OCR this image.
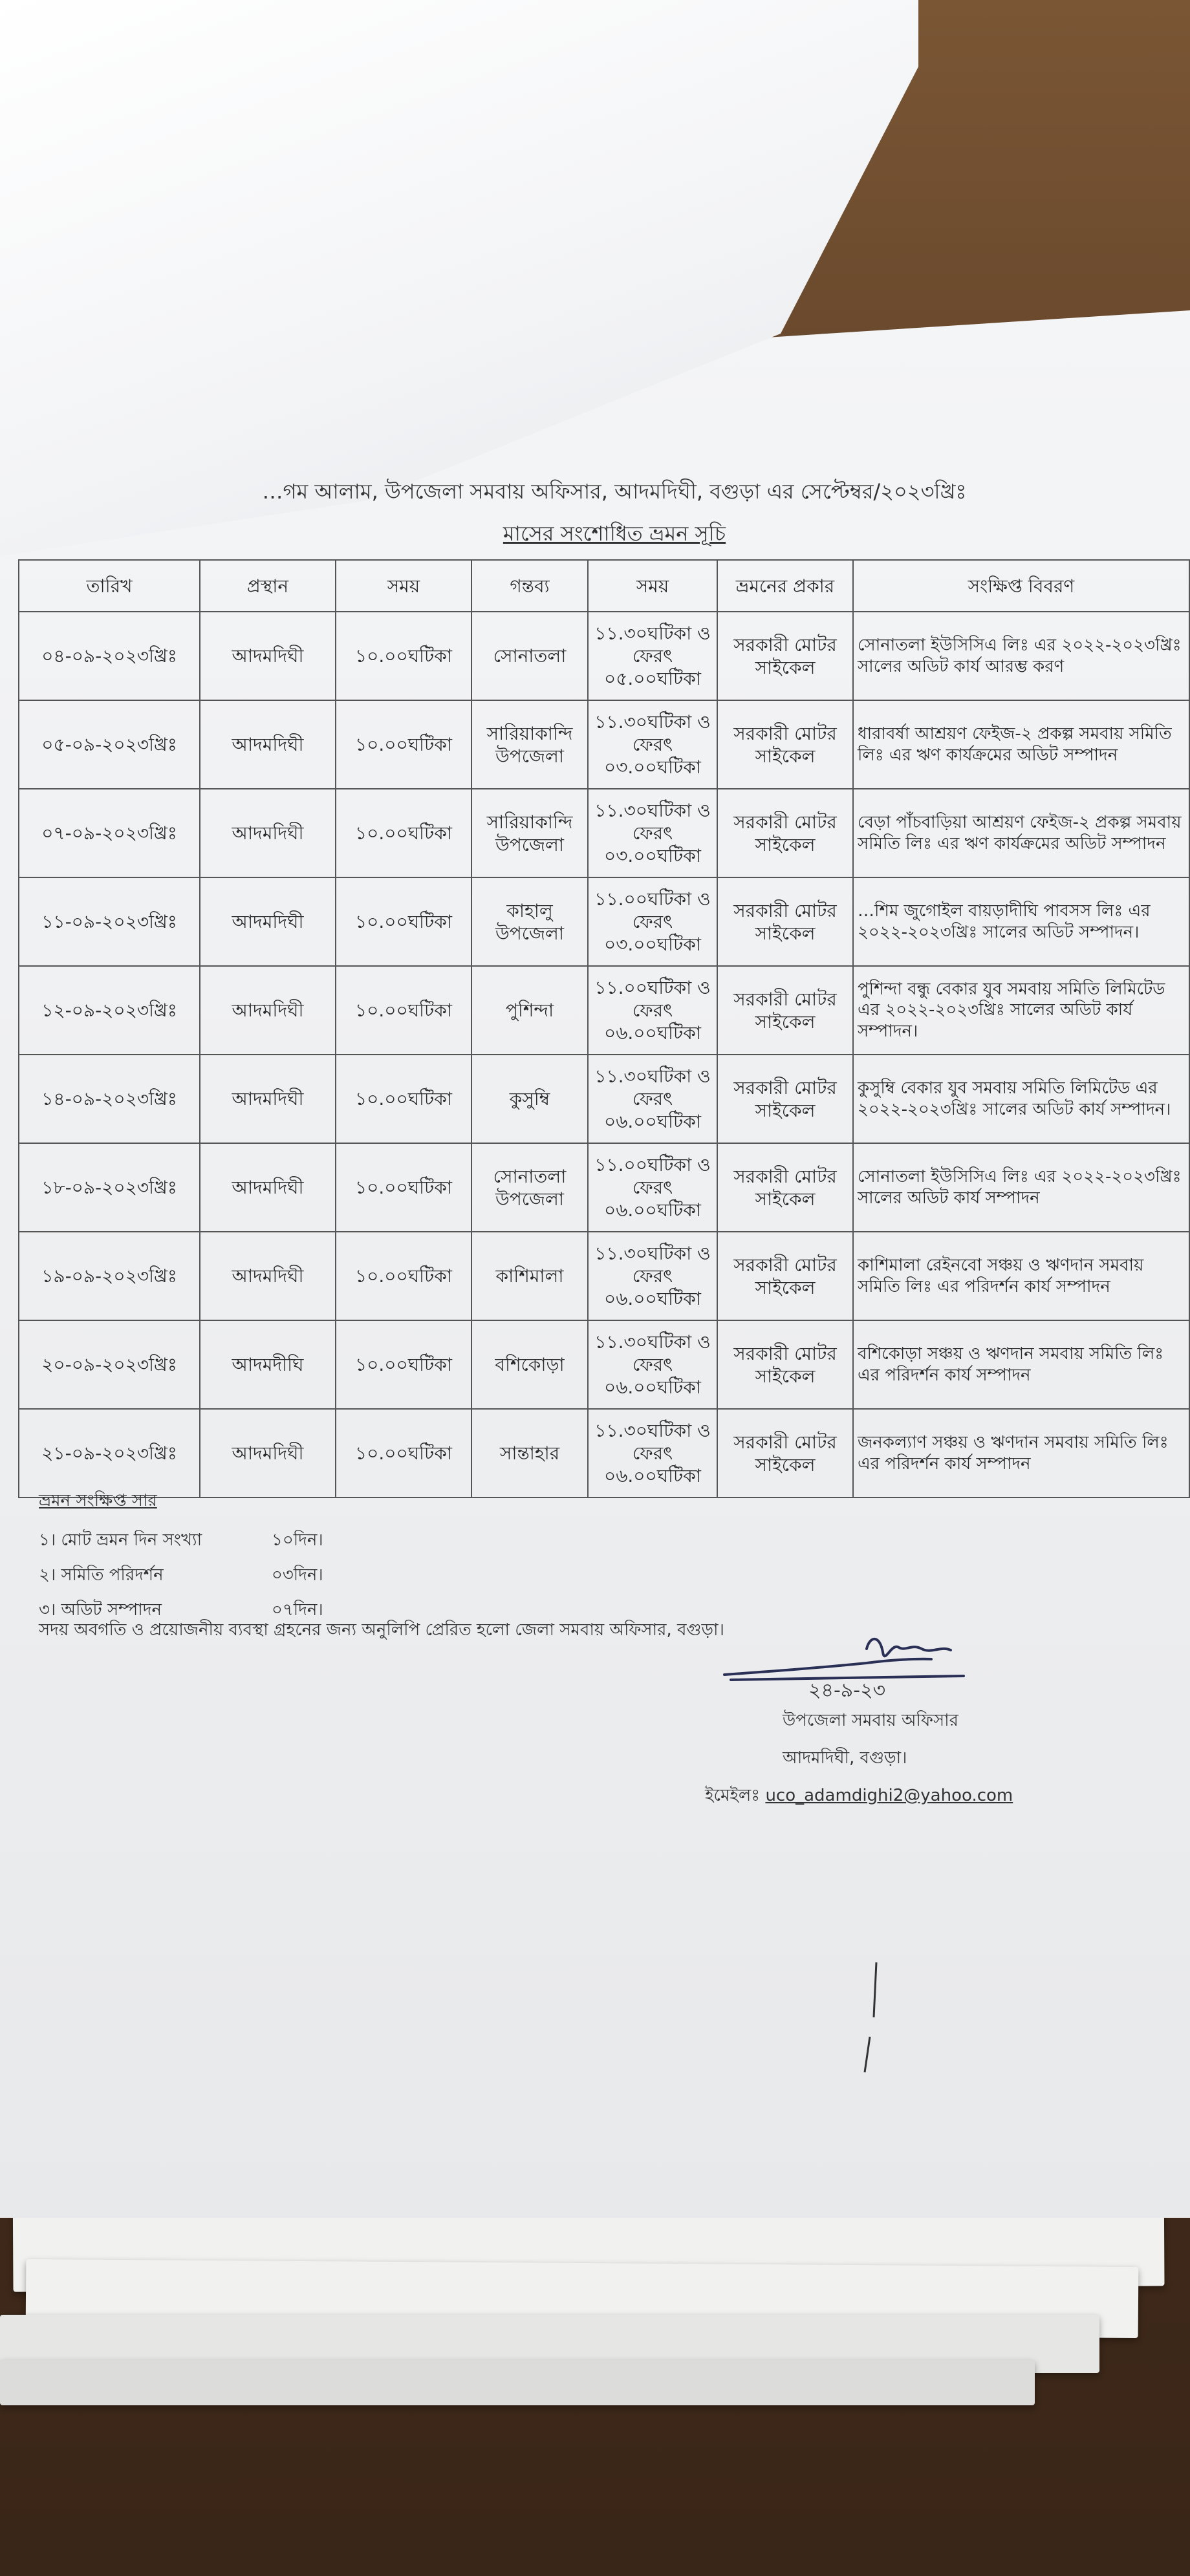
…গম আলাম, উপজেলা সমবায় অফিসার, আদমদিঘী, বগুড়া এর সেপ্টেম্বর/২০২৩খ্রিঃ
মাসের সংশোধিত ভ্রমন সূচি
তারিখ	প্রস্থান	সময়	গন্তব্য	সময়	ভ্রমনের প্রকার	সংক্ষিপ্ত বিবরণ
০৪-০৯-২০২৩খ্রিঃ	আদমদিঘী	১০.০০ঘটিকা	সোনাতলা	১১.৩০ঘটিকা ও ফেরৎ ০৫.০০ঘটিকা	সরকারী মোটর সাইকেল	সোনাতলা ইউসিসিএ লিঃ এর ২০২২-২০২৩খ্রিঃ সালের অডিট কার্য আরম্ভ করণ
০৫-০৯-২০২৩খ্রিঃ	আদমদিঘী	১০.০০ঘটিকা	সারিয়াকান্দি উপজেলা	১১.৩০ঘটিকা ও ফেরৎ ০৩.০০ঘটিকা	সরকারী মোটর সাইকেল	ধারাবর্ষা আশ্রয়ণ ফেইজ-২ প্রকল্প সমবায় সমিতি লিঃ এর ঋণ কার্যক্রমের অডিট সম্পাদন
০৭-০৯-২০২৩খ্রিঃ	আদমদিঘী	১০.০০ঘটিকা	সারিয়াকান্দি উপজেলা	১১.৩০ঘটিকা ও ফেরৎ ০৩.০০ঘটিকা	সরকারী মোটর সাইকেল	বেড়া পাঁচবাড়িয়া আশ্রয়ণ ফেইজ-২ প্রকল্প সমবায় সমিতি লিঃ এর ঋণ কার্যক্রমের অডিট সম্পাদন
১১-০৯-২০২৩খ্রিঃ	আদমদিঘী	১০.০০ঘটিকা	কাহালু উপজেলা	১১.০০ঘটিকা ও ফেরৎ ০৩.০০ঘটিকা	সরকারী মোটর সাইকেল	…শিম জুগোইল বায়ড়াদীঘি পাবসস লিঃ এর ২০২২-২০২৩খ্রিঃ সালের অডিট সম্পাদন।
১২-০৯-২০২৩খ্রিঃ	আদমদিঘী	১০.০০ঘটিকা	পুশিন্দা	১১.০০ঘটিকা ও ফেরৎ ০৬.০০ঘটিকা	সরকারী মোটর সাইকেল	পুশিন্দা বন্ধু বেকার যুব সমবায় সমিতি লিমিটেড এর ২০২২-২০২৩খ্রিঃ সালের অডিট কার্য সম্পাদন।
১৪-০৯-২০২৩খ্রিঃ	আদমদিঘী	১০.০০ঘটিকা	কুসুম্বি	১১.৩০ঘটিকা ও ফেরৎ ০৬.০০ঘটিকা	সরকারী মোটর সাইকেল	কুসুম্বি বেকার যুব সমবায় সমিতি লিমিটেড এর ২০২২-২০২৩খ্রিঃ সালের অডিট কার্য সম্পাদন।
১৮-০৯-২০২৩খ্রিঃ	আদমদিঘী	১০.০০ঘটিকা	সোনাতলা উপজেলা	১১.০০ঘটিকা ও ফেরৎ ০৬.০০ঘটিকা	সরকারী মোটর সাইকেল	সোনাতলা ইউসিসিএ লিঃ এর ২০২২-২০২৩খ্রিঃ সালের অডিট কার্য সম্পাদন
১৯-০৯-২০২৩খ্রিঃ	আদমদিঘী	১০.০০ঘটিকা	কাশিমালা	১১.৩০ঘটিকা ও ফেরৎ ০৬.০০ঘটিকা	সরকারী মোটর সাইকেল	কাশিমালা রেইনবো সঞ্চয় ও ঋণদান সমবায় সমিতি লিঃ এর পরিদর্শন কার্য সম্পাদন
২০-০৯-২০২৩খ্রিঃ	আদমদীঘি	১০.০০ঘটিকা	বশিকোড়া	১১.৩০ঘটিকা ও ফেরৎ ০৬.০০ঘটিকা	সরকারী মোটর সাইকেল	বশিকোড়া সঞ্চয় ও ঋণদান সমবায় সমিতি লিঃ এর পরিদর্শন কার্য সম্পাদন
২১-০৯-২০২৩খ্রিঃ	আদমদিঘী	১০.০০ঘটিকা	সান্তাহার	১১.৩০ঘটিকা ও ফেরৎ ০৬.০০ঘটিকা	সরকারী মোটর সাইকেল	জনকল্যাণ সঞ্চয় ও ঋণদান সমবায় সমিতি লিঃ এর পরিদর্শন কার্য সম্পাদন
ভ্রমন সংক্ষিপ্ত সার
১। মোট ভ্রমন দিন সংখ্যা	১০দিন।
২। সমিতি পরিদর্শন	০৩দিন।
৩। অডিট সম্পাদন	০৭দিন।
সদয় অবগতি ও প্রয়োজনীয় ব্যবস্থা গ্রহনের জন্য অনুলিপি প্রেরিত হলো জেলা সমবায় অফিসার, বগুড়া।
২৪-৯-২৩
উপজেলা সমবায় অফিসার
আদমদিঘী, বগুড়া।
ইমেইলঃ uco_adamdighi2@yahoo.com
